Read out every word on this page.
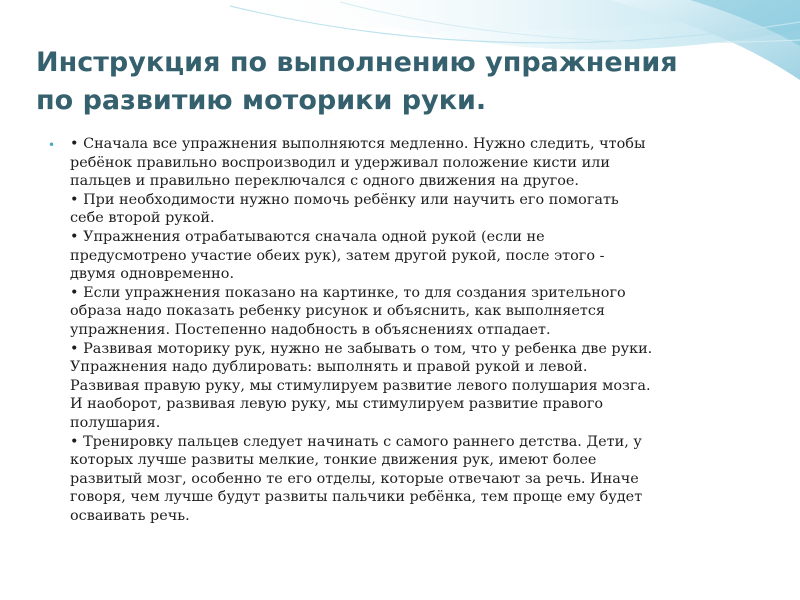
Инструкция по выполнению упражнения
по развитию моторики руки.
• • Сначала все упражнения выполняются медленно. Нужно следить, чтобы
ребёнок правильно воспроизводил и удерживал положение кисти или
пальцев и правильно переключался с одного движения на другое.
• При необходимости нужно помочь ребёнку или научить его помогать
себе второй рукой.
• Упражнения отрабатываются сначала одной рукой (если не
предусмотрено участие обеих рук), затем другой рукой, после этого -
двумя одновременно.
• Если упражнения показано на картинке, то для создания зрительного
образа надо показать ребенку рисунок и объяснить, как выполняется
упражнения. Постепенно надобность в объяснениях отпадает.
• Развивая моторику рук, нужно не забывать о том, что у ребенка две руки.
Упражнения надо дублировать: выполнять и правой рукой и левой.
Развивая правую руку, мы стимулируем развитие левого полушария мозга.
И наоборот, развивая левую руку, мы стимулируем развитие правого
полушария.
• Тренировку пальцев следует начинать с самого раннего детства. Дети, у
которых лучше развиты мелкие, тонкие движения рук, имеют более
развитый мозг, особенно те его отделы, которые отвечают за речь. Иначе
говоря, чем лучше будут развиты пальчики ребёнка, тем проще ему будет
осваивать речь.
